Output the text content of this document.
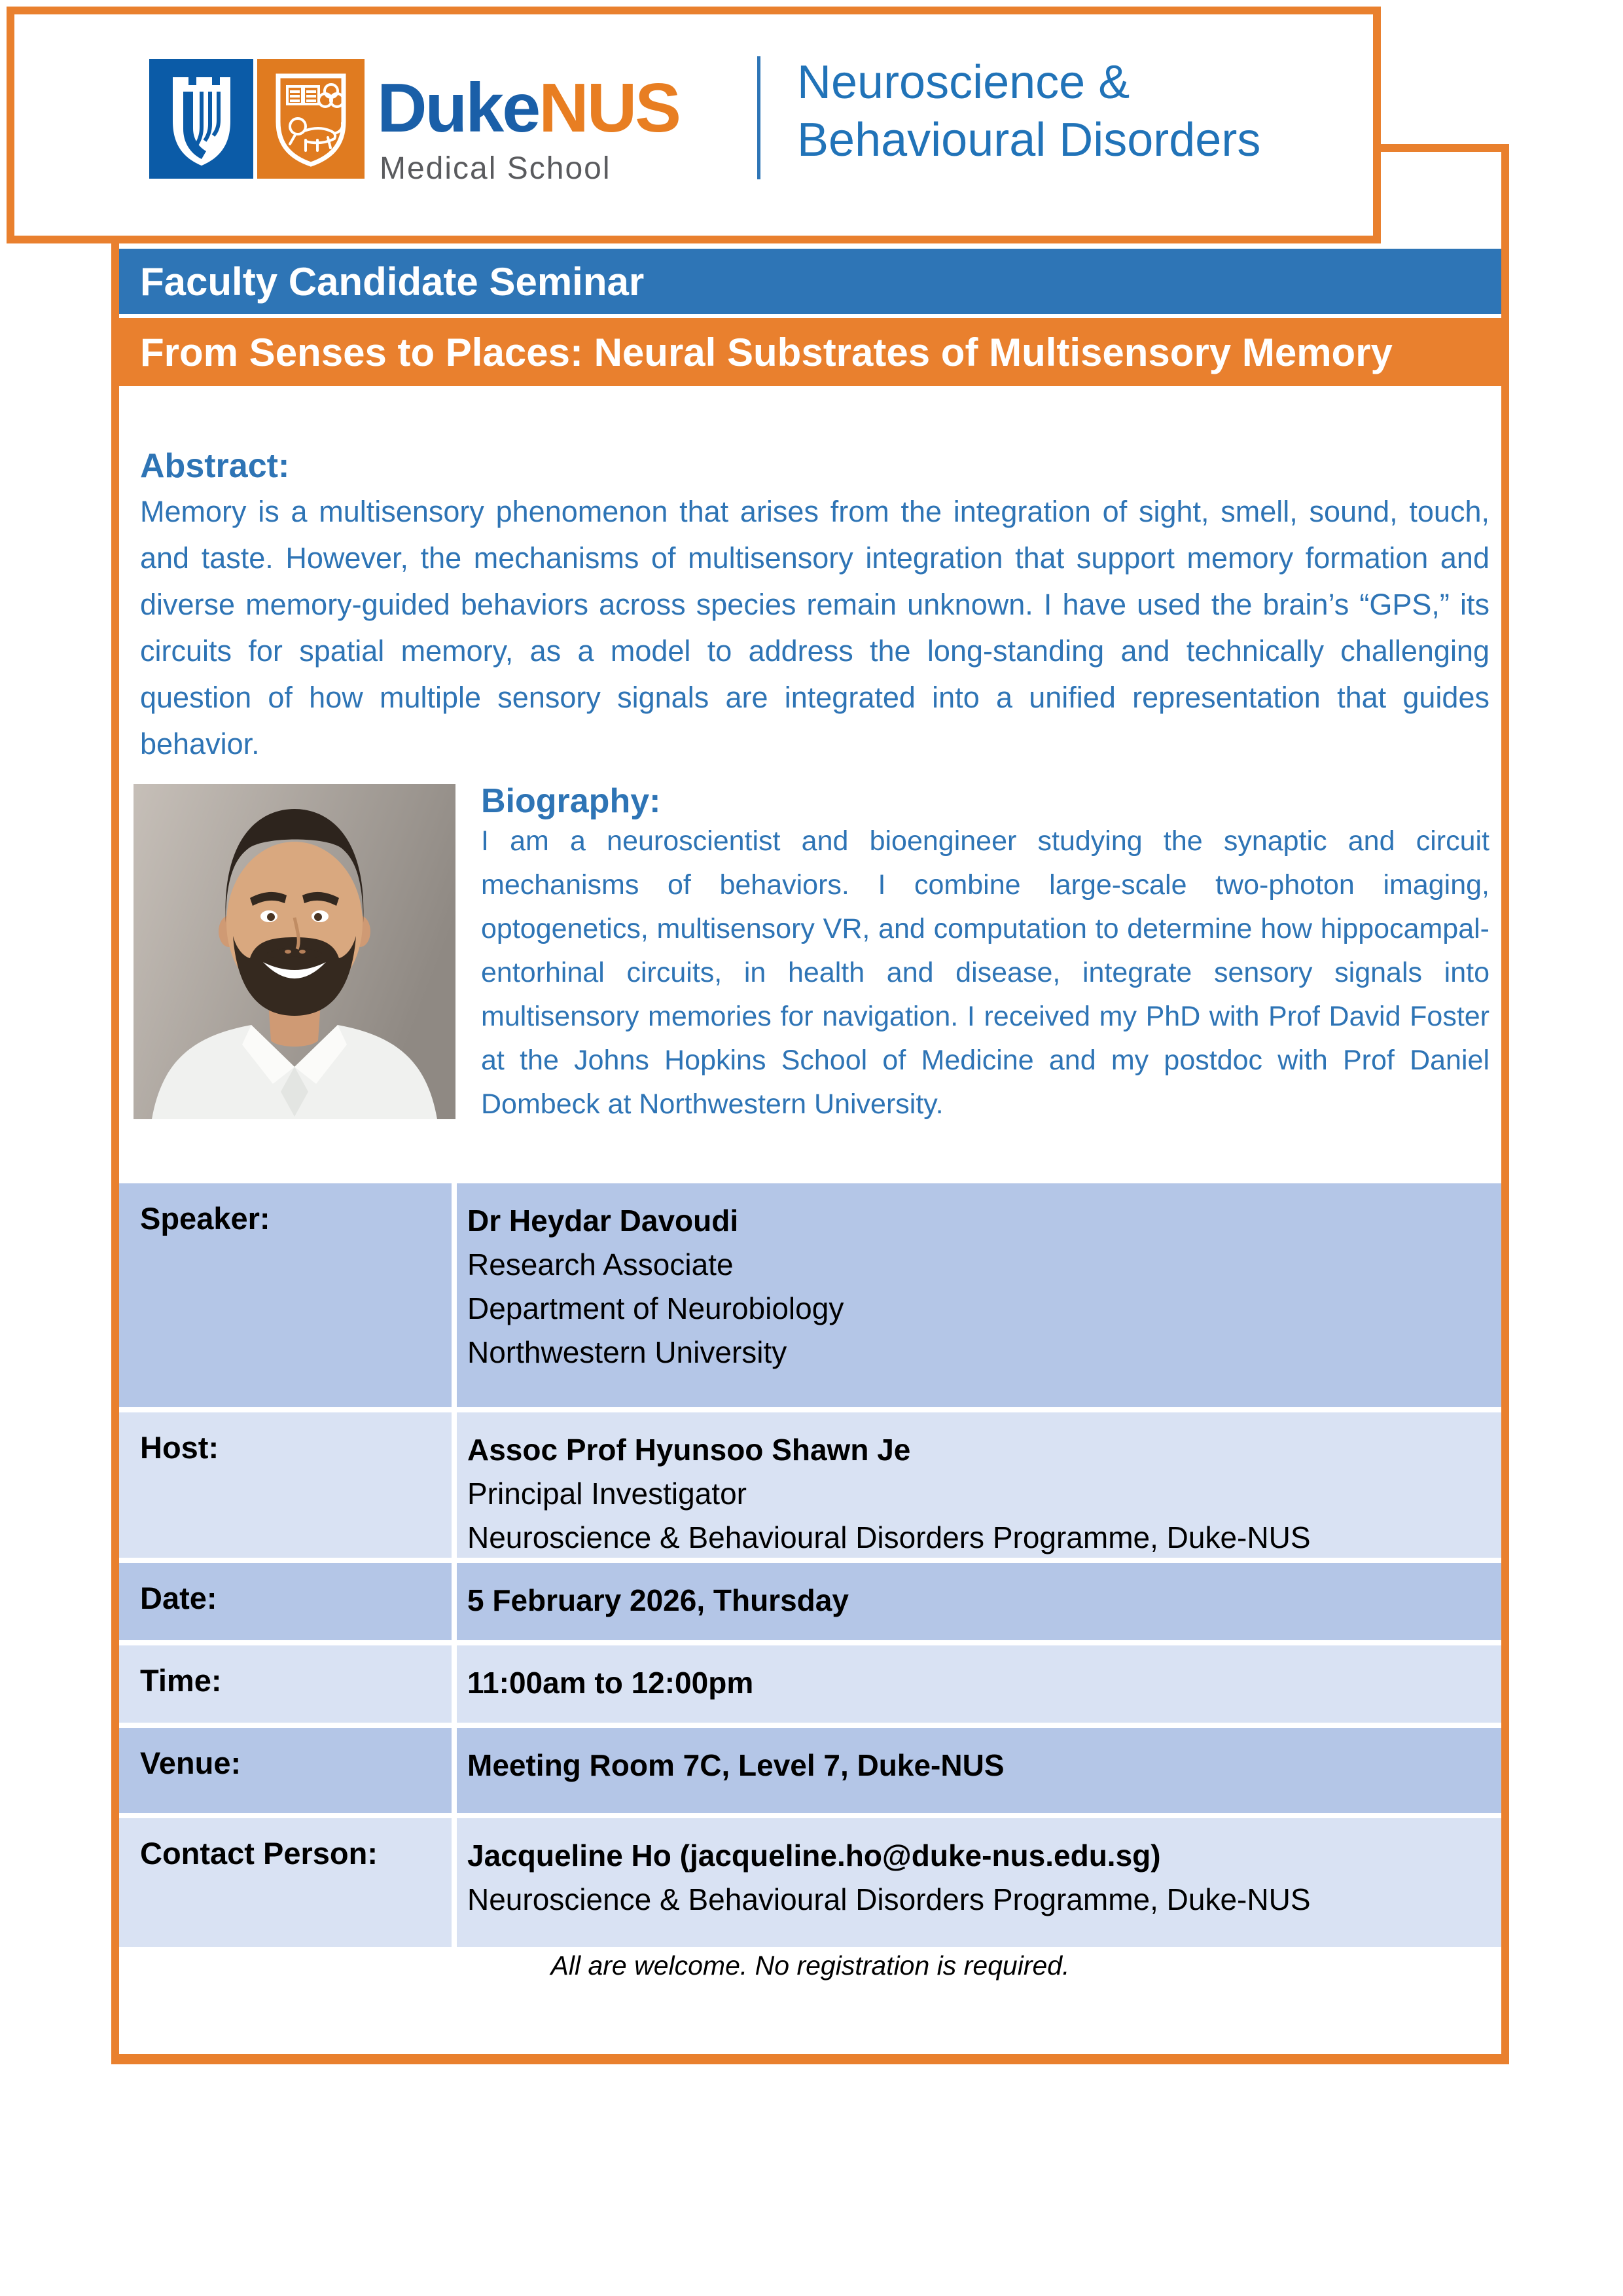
DukeNUS
Medical School
Neuroscience &
Behavioural Disorders
Faculty Candidate Seminar
From Senses to Places: Neural Substrates of Multisensory Memory
Abstract:
Memory is a multisensory phenomenon that arises from the integration of sight, smell, sound, touch, and taste. However, the mechanisms of multisensory integration that support memory formation and diverse memory-guided behaviors across species remain unknown. I have used the brain’s “GPS,” its circuits for spatial memory, as a model to address the long-standing and technically challenging question of how multiple sensory signals are integrated into a unified representation that guides behavior.
Biography:
I am a neuroscientist and bioengineer studying the synaptic and circuit mechanisms of behaviors. I combine large-scale two-photon imaging, optogenetics, multisensory VR, and computation to determine how hippocampal-entorhinal circuits, in health and disease, integrate sensory signals into multisensory memories for navigation. I received my PhD with Prof David Foster at the Johns Hopkins School of Medicine and my postdoc with Prof Daniel Dombeck at Northwestern University.
Speaker:	Dr Heydar Davoudi
Research Associate
Department of Neurobiology
Northwestern University
Host:	Assoc Prof Hyunsoo Shawn Je
Principal Investigator
Neuroscience & Behavioural Disorders Programme, Duke-NUS
Date:	5 February 2026, Thursday
Time:	11:00am to 12:00pm
Venue:	Meeting Room 7C, Level 7, Duke-NUS
Contact Person:	Jacqueline Ho (jacqueline.ho@duke-nus.edu.sg)
Neuroscience & Behavioural Disorders Programme, Duke-NUS
All are welcome. No registration is required.
